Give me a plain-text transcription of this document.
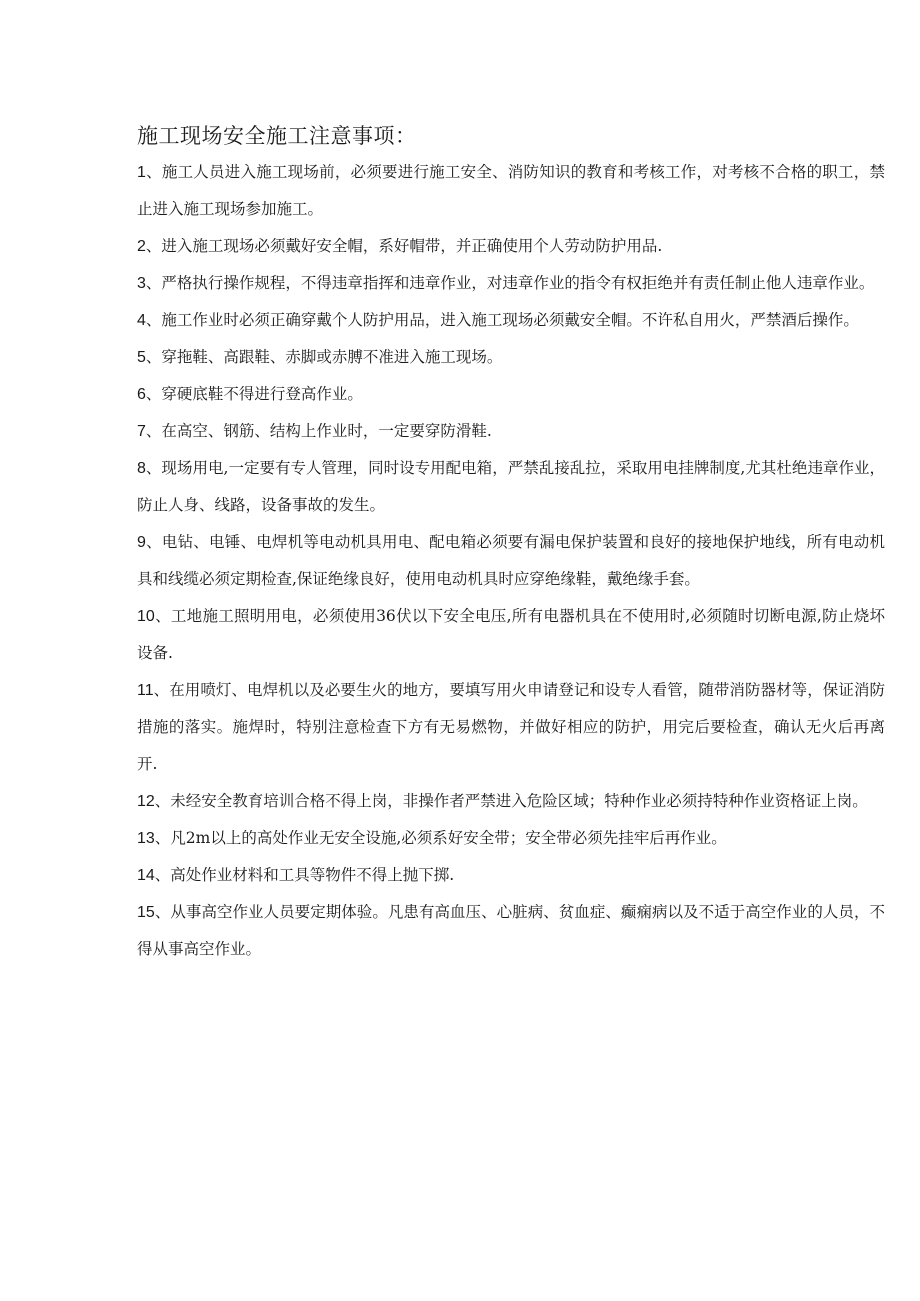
施工现场安全施工注意事项：

1、施工人员进入施工现场前，必须要进行施工安全、消防知识的教育和考核工作，对考核不合格的职工，禁止进入施工现场参加施工。

2、进入施工现场必须戴好安全帽，系好帽带，并正确使用个人劳动防护用品.

3、严格执行操作规程，不得违章指挥和违章作业，对违章作业的指令有权拒绝并有责任制止他人违章作业。

4、施工作业时必须正确穿戴个人防护用品，进入施工现场必须戴安全帽。不许私自用火，严禁酒后操作。

5、穿拖鞋、高跟鞋、赤脚或赤膊不准进入施工现场。

6、穿硬底鞋不得进行登高作业。

7、在高空、钢筋、结构上作业时，一定要穿防滑鞋.

8、现场用电,一定要有专人管理，同时设专用配电箱，严禁乱接乱拉，采取用电挂牌制度,尤其杜绝违章作业，防止人身、线路，设备事故的发生。

9、电钻、电锤、电焊机等电动机具用电、配电箱必须要有漏电保护装置和良好的接地保护地线，所有电动机具和线缆必须定期检查,保证绝缘良好，使用电动机具时应穿绝缘鞋，戴绝缘手套。

10、工地施工照明用电，必须使用36伏以下安全电压,所有电器机具在不使用时,必须随时切断电源,防止烧坏设备.

11、在用喷灯、电焊机以及必要生火的地方，要填写用火申请登记和设专人看管，随带消防器材等，保证消防措施的落实。施焊时，特别注意检查下方有无易燃物，并做好相应的防护，用完后要检查，确认无火后再离开.

12、未经安全教育培训合格不得上岗，非操作者严禁进入危险区域；特种作业必须持特种作业资格证上岗。

13、凡2m以上的高处作业无安全设施,必须系好安全带；安全带必须先挂牢后再作业。

14、高处作业材料和工具等物件不得上抛下掷.

15、从事高空作业人员要定期体验。凡患有高血压、心脏病、贫血症、癫痫病以及不适于高空作业的人员，不得从事高空作业。
